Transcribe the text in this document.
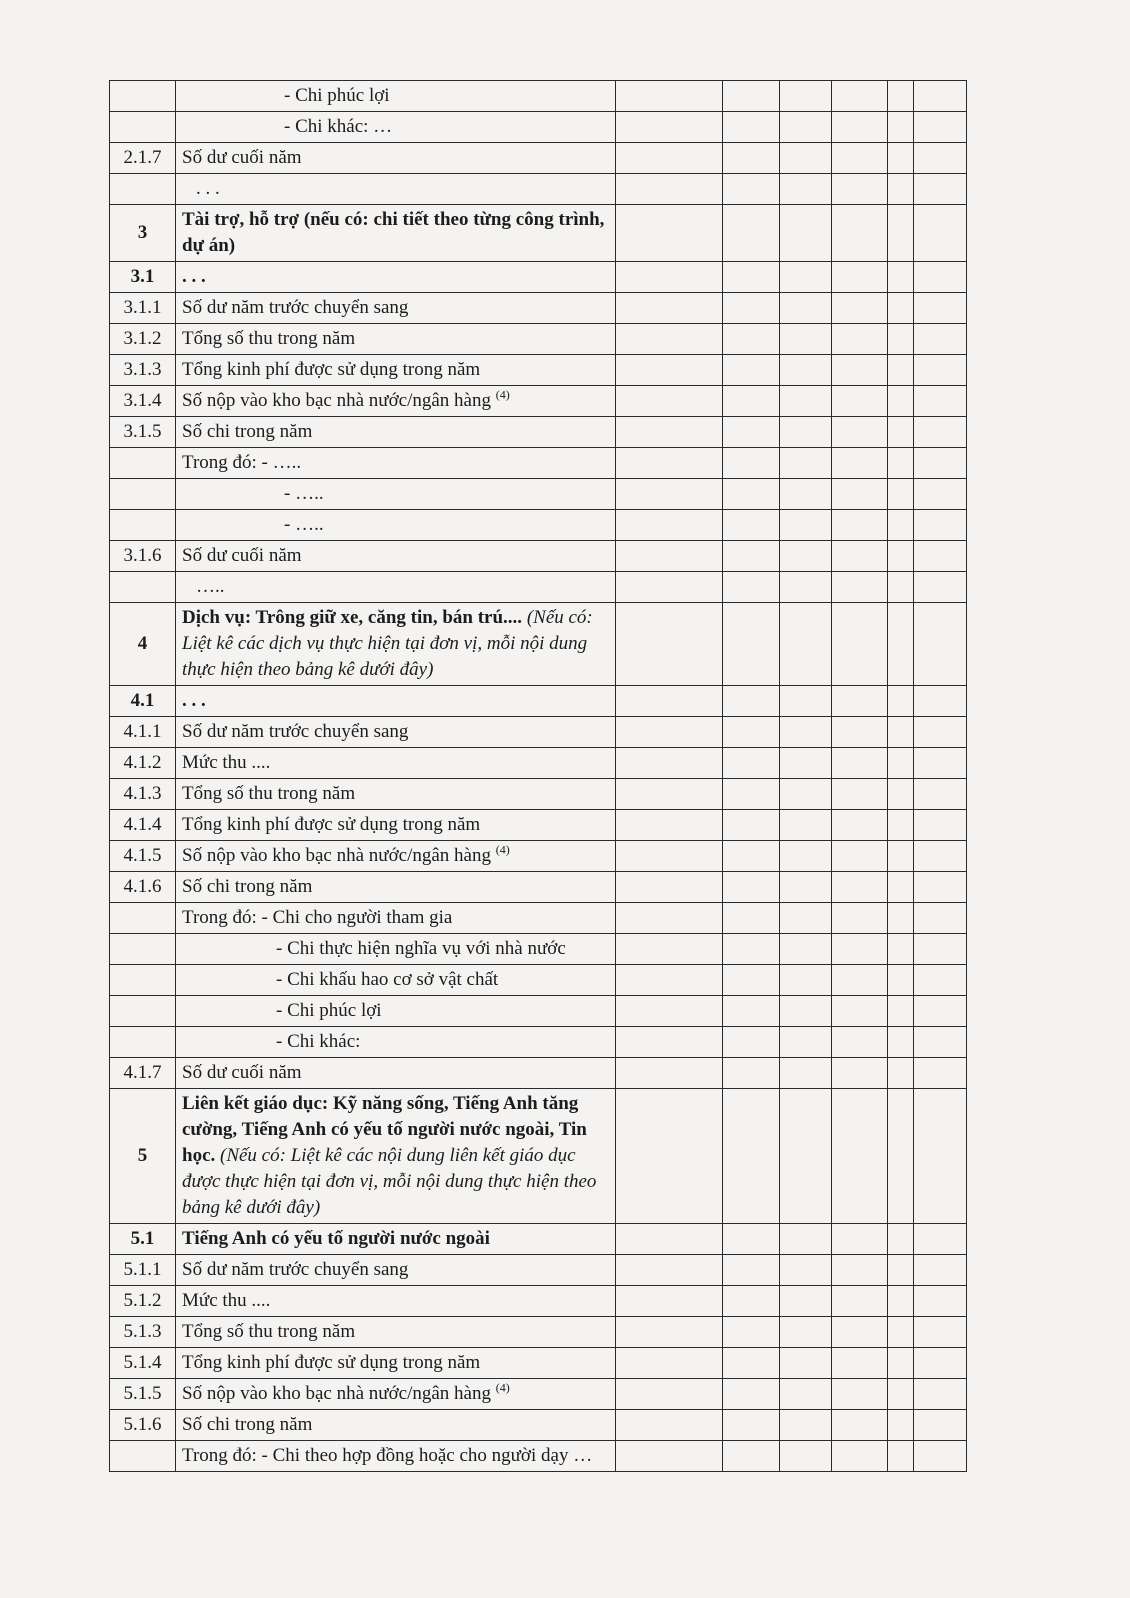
	- Chi phúc lợi						
	- Chi khác: …						
2.1.7	Số dư cuối năm						
	. . .						
3	Tài trợ, hỗ trợ (nếu có: chi tiết theo từng công trình, dự án)						
3.1	. . .						
3.1.1	Số dư năm trước chuyển sang						
3.1.2	Tổng số thu trong năm						
3.1.3	Tổng kinh phí được sử dụng trong năm						
3.1.4	Số nộp vào kho bạc nhà nước/ngân hàng $^{(4)}$						
3.1.5	Số chi trong năm						
	Trong đó: - …..						
	- …..						
	- …..						
3.1.6	Số dư cuối năm						
	…..						
4	Dịch vụ: Trông giữ xe, căng tin, bán trú.... (Nếu có: Liệt kê các dịch vụ thực hiện tại đơn vị, mỗi nội dung thực hiện theo bảng kê dưới đây)						
4.1	. . .						
4.1.1	Số dư năm trước chuyển sang						
4.1.2	Mức thu ....						
4.1.3	Tổng số thu trong năm						
4.1.4	Tổng kinh phí được sử dụng trong năm						
4.1.5	Số nộp vào kho bạc nhà nước/ngân hàng $^{(4)}$						
4.1.6	Số chi trong năm						
	Trong đó: - Chi cho người tham gia						
	- Chi thực hiện nghĩa vụ với nhà nước						
	- Chi khấu hao cơ sở vật chất						
	- Chi phúc lợi						
	- Chi khác:						
4.1.7	Số dư cuối năm						
5	Liên kết giáo dục: Kỹ năng sống, Tiếng Anh tăng cường, Tiếng Anh có yếu tố người nước ngoài, Tin học. (Nếu có: Liệt kê các nội dung liên kết giáo dục được thực hiện tại đơn vị, mỗi nội dung thực hiện theo bảng kê dưới đây)						
5.1	Tiếng Anh có yếu tố người nước ngoài						
5.1.1	Số dư năm trước chuyển sang						
5.1.2	Mức thu ....						
5.1.3	Tổng số thu trong năm						
5.1.4	Tổng kinh phí được sử dụng trong năm						
5.1.5	Số nộp vào kho bạc nhà nước/ngân hàng $^{(4)}$						
5.1.6	Số chi trong năm						
	Trong đó: - Chi theo hợp đồng hoặc cho người dạy …						
